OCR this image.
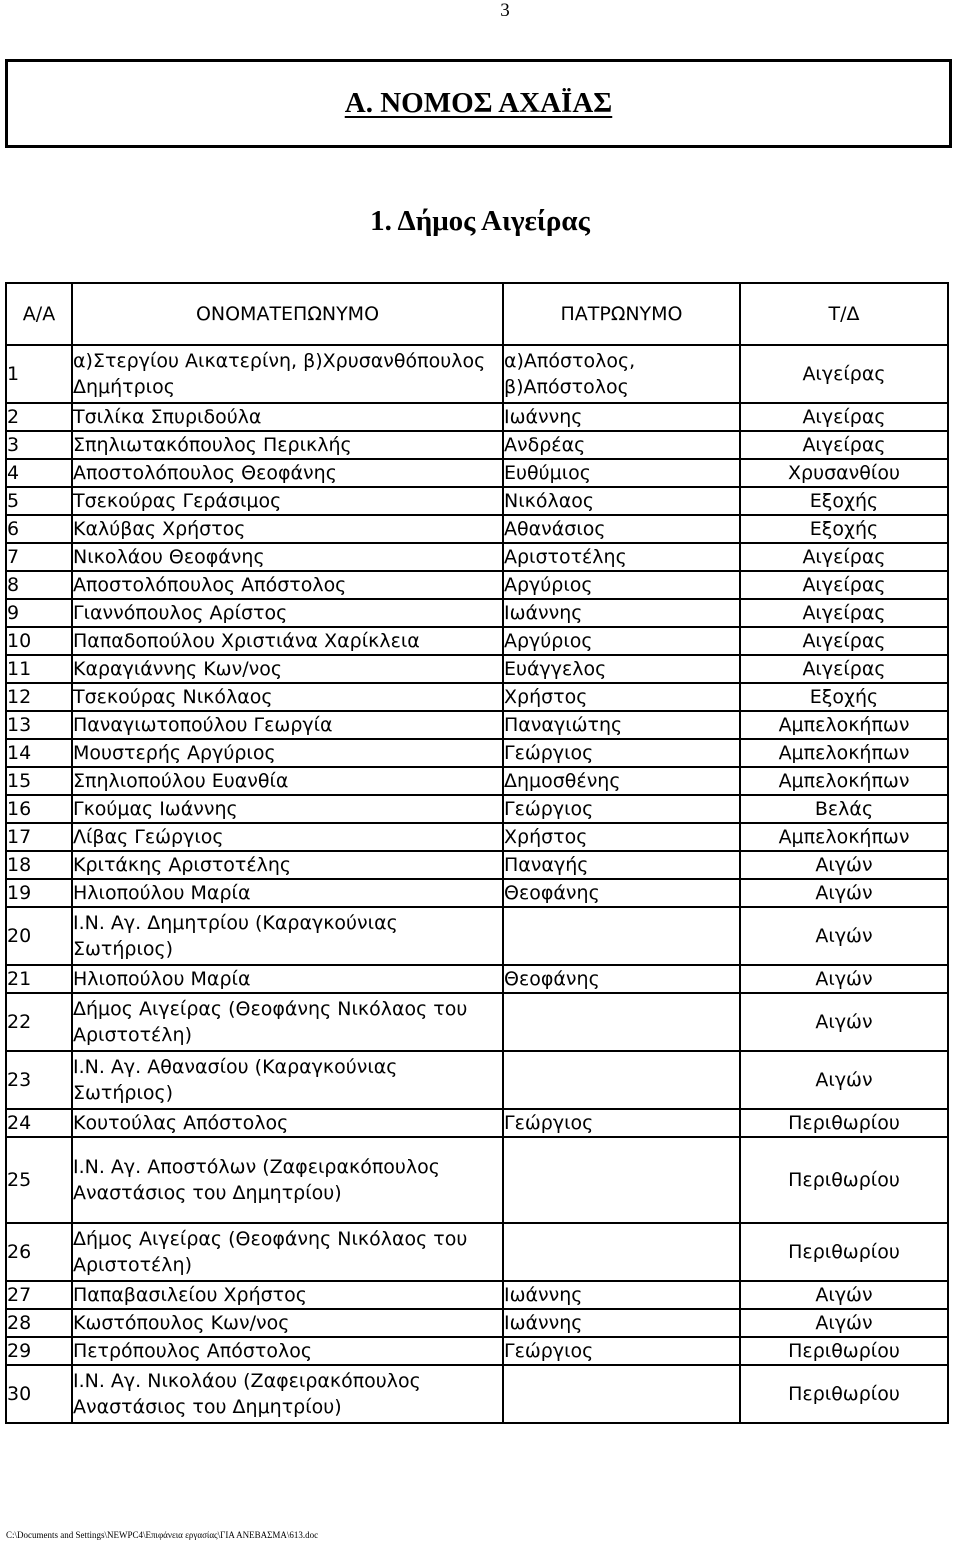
3
Α. ΝΟΜΟΣ ΑΧΑΪΑΣ
1. Δήμος Αιγείρας
Α/Α	ΟΝΟΜΑΤΕΠΩΝΥΜΟ	ΠΑΤΡΩΝΥΜΟ	Τ/Δ
1	α)Στεργίου Αικατερίνη, β)Χρυσανθόπουλος Δημήτριος	α)Απόστολος, β)Απόστολος	Αιγείρας
2	Τσιλίκα Σπυριδούλα	Ιωάννης	Αιγείρας
3	Σπηλιωτακόπουλος Περικλής	Ανδρέας	Αιγείρας
4	Αποστολόπουλος Θεοφάνης	Ευθύμιος	Χρυσανθίου
5	Τσεκούρας Γεράσιμος	Νικόλαος	Εξοχής
6	Καλύβας Χρήστος	Αθανάσιος	Εξοχής
7	Νικολάου Θεοφάνης	Αριστοτέλης	Αιγείρας
8	Αποστολόπουλος Απόστολος	Αργύριος	Αιγείρας
9	Γιαννόπουλος Αρίστος	Ιωάννης	Αιγείρας
10	Παπαδοπούλου Χριστιάνα Χαρίκλεια	Αργύριος	Αιγείρας
11	Καραγιάννης Κων/νος	Ευάγγελος	Αιγείρας
12	Τσεκούρας Νικόλαος	Χρήστος	Εξοχής
13	Παναγιωτοπούλου Γεωργία	Παναγιώτης	Αμπελοκήπων
14	Μουστερής Αργύριος	Γεώργιος	Αμπελοκήπων
15	Σπηλιοπούλου Ευανθία	Δημοσθένης	Αμπελοκήπων
16	Γκούμας Ιωάννης	Γεώργιος	Βελάς
17	Λίβας Γεώργιος	Χρήστος	Αμπελοκήπων
18	Κριτάκης Αριστοτέλης	Παναγής	Αιγών
19	Ηλιοπούλου Μαρία	Θεοφάνης	Αιγών
20	Ι.Ν. Αγ. Δημητρίου (Καραγκούνιας Σωτήριος)		Αιγών
21	Ηλιοπούλου Μαρία	Θεοφάνης	Αιγών
22	Δήμος Αιγείρας (Θεοφάνης Νικόλαος του Αριστοτέλη)		Αιγών
23	Ι.Ν. Αγ. Αθανασίου (Καραγκούνιας Σωτήριος)		Αιγών
24	Κουτούλας Απόστολος	Γεώργιος	Περιθωρίου
25	Ι.Ν. Αγ. Αποστόλων (Ζαφειρακόπουλος Αναστάσιος του Δημητρίου)		Περιθωρίου
26	Δήμος Αιγείρας (Θεοφάνης Νικόλαος του Αριστοτέλη)		Περιθωρίου
27	Παπαβασιλείου Χρήστος	Ιωάννης	Αιγών
28	Κωστόπουλος Κων/νος	Ιωάννης	Αιγών
29	Πετρόπουλος Απόστολος	Γεώργιος	Περιθωρίου
30	Ι.Ν. Αγ. Νικολάου (Ζαφειρακόπουλος Αναστάσιος του Δημητρίου)		Περιθωρίου
C:\Documents and Settings\NEWPC4\Επιφάνεια εργασίας\ΓΙΑ ΑΝΕΒΑΣΜΑ\613.doc
